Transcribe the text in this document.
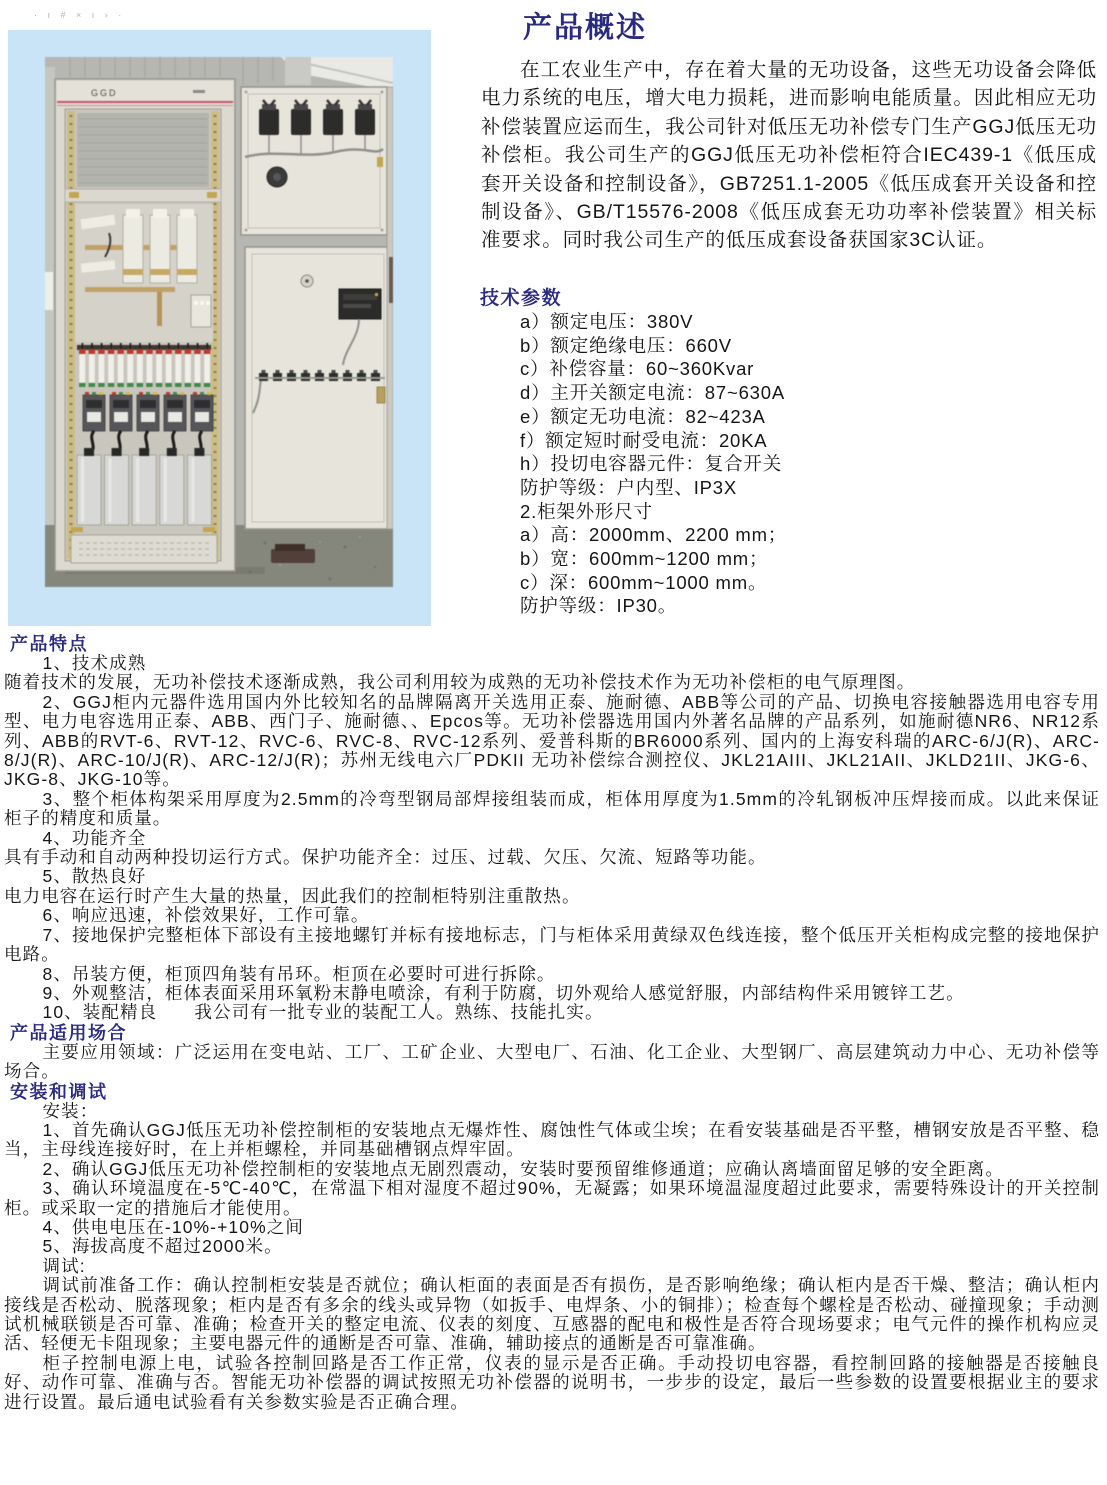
· ı # × ı › ·
GGD
产品概述

在工农业生产中，存在着大量的无功设备，这些无功设备会降低电力系统的电压，增大电力损耗，进而影响电能质量。因此相应无功补偿装置应运而生，我公司针对低压无功补偿专门生产GGJ低压无功补偿柜。我公司生产的GGJ低压无功补偿柜符合IEC439-1《低压成套开关设备和控制设备》，GB7251.1-2005《低压成套开关设备和控制设备》、GB/T15576-2008《低压成套无功功率补偿装置》相关标准要求。同时我公司生产的低压成套设备获国家3C认证。

技术参数
a）额定电压：380V
b）额定绝缘电压：660V
c）补偿容量：60~360Kvar
d）主开关额定电流：87~630A
e）额定无功电流：82~423A
f）额定短时耐受电流：20KA
h）投切电容器元件：复合开关
防护等级：户内型、IP3X
2.柜架外形尺寸
a）高：2000mm、2200 mm；
b）宽：600mm~1200 mm；
c）深：600mm~1000 mm。
防护等级：IP30。
产品特点

1、技术成熟

随着技术的发展，无功补偿技术逐渐成熟，我公司利用较为成熟的无功补偿技术作为无功补偿柜的电气原理图。

2、GGJ柜内元器件选用国内外比较知名的品牌隔离开关选用正泰、施耐德、ABB等公司的产品、切换电容接触器选用电容专用型、电力电容选用正泰、ABB、西门子、施耐德、、Epcos等。无功补偿器选用国内外著名品牌的产品系列，如施耐德NR6、NR12系列、ABB的RVT-6、RVT-12、RVC-6、RVC-8、RVC-12系列、爱普科斯的BR6000系列、国内的上海安科瑞的ARC-6/J(R)、ARC-8/J(R)、ARC-10/J(R)、ARC-12/J(R)；苏州无线电六厂PDKII 无功补偿综合测控仪、JKL21AIII、JKL21AII、JKLD21II、JKG-6、JKG-8、JKG-10等。

3、整个柜体构架采用厚度为2.5mm的冷弯型钢局部焊接组装而成，柜体用厚度为1.5mm的冷轧钢板冲压焊接而成。以此来保证柜子的精度和质量。

4、功能齐全

具有手动和自动两种投切运行方式。保护功能齐全：过压、过载、欠压、欠流、短路等功能。

5、散热良好

电力电容在运行时产生大量的热量，因此我们的控制柜特别注重散热。

6、响应迅速，补偿效果好，工作可靠。

7、接地保护完整柜体下部设有主接地螺钉并标有接地标志，门与柜体采用黄绿双色线连接，整个低压开关柜构成完整的接地保护电路。

8、吊装方便，柜顶四角装有吊环。柜顶在必要时可进行拆除。

9、外观整洁，柜体表面采用环氧粉末静电喷涂，有利于防腐，切外观给人感觉舒服，内部结构件采用镀锌工艺。

10、装配精良　　我公司有一批专业的装配工人。熟练、技能扎实。

产品适用场合

主要应用领域：广泛运用在变电站、工厂、工矿企业、大型电厂、石油、化工企业、大型钢厂、高层建筑动力中心、无功补偿等场合。

安装和调试

安装：

1、首先确认GGJ低压无功补偿控制柜的安装地点无爆炸性、腐蚀性气体或尘埃；在看安装基础是否平整，槽钢安放是否平整、稳当，主母线连接好时，在上并柜螺栓，并同基础槽钢点焊牢固。

2、确认GGJ低压无功补偿控制柜的安装地点无剧烈震动，安装时要预留维修通道；应确认离墙面留足够的安全距离。

3、确认环境温度在-5℃-40℃，在常温下相对湿度不超过90%，无凝露；如果环境温湿度超过此要求，需要特殊设计的开关控制柜。或采取一定的措施后才能使用。

4、供电电压在-10%-+10%之间

5、海拔高度不超过2000米。

调试:

调试前准备工作：确认控制柜安装是否就位；确认柜面的表面是否有损伤，是否影响绝缘；确认柜内是否干燥、整洁；确认柜内接线是否松动、脱落现象；柜内是否有多余的线头或异物（如扳手、电焊条、小的铜排）；检查每个螺栓是否松动、碰撞现象；手动测试机械联锁是否可靠、准确；检查开关的整定电流、仪表的刻度、互感器的配电和极性是否符合现场要求；电气元件的操作机构应灵活、轻便无卡阻现象；主要电器元件的通断是否可靠、准确，辅助接点的通断是否可靠准确。

柜子控制电源上电，试验各控制回路是否工作正常，仪表的显示是否正确。手动投切电容器，看控制回路的接触器是否接触良好、动作可靠、准确与否。智能无功补偿器的调试按照无功补偿器的说明书，一步步的设定，最后一些参数的设置要根据业主的要求进行设置。最后通电试验看有关参数实验是否正确合理。
